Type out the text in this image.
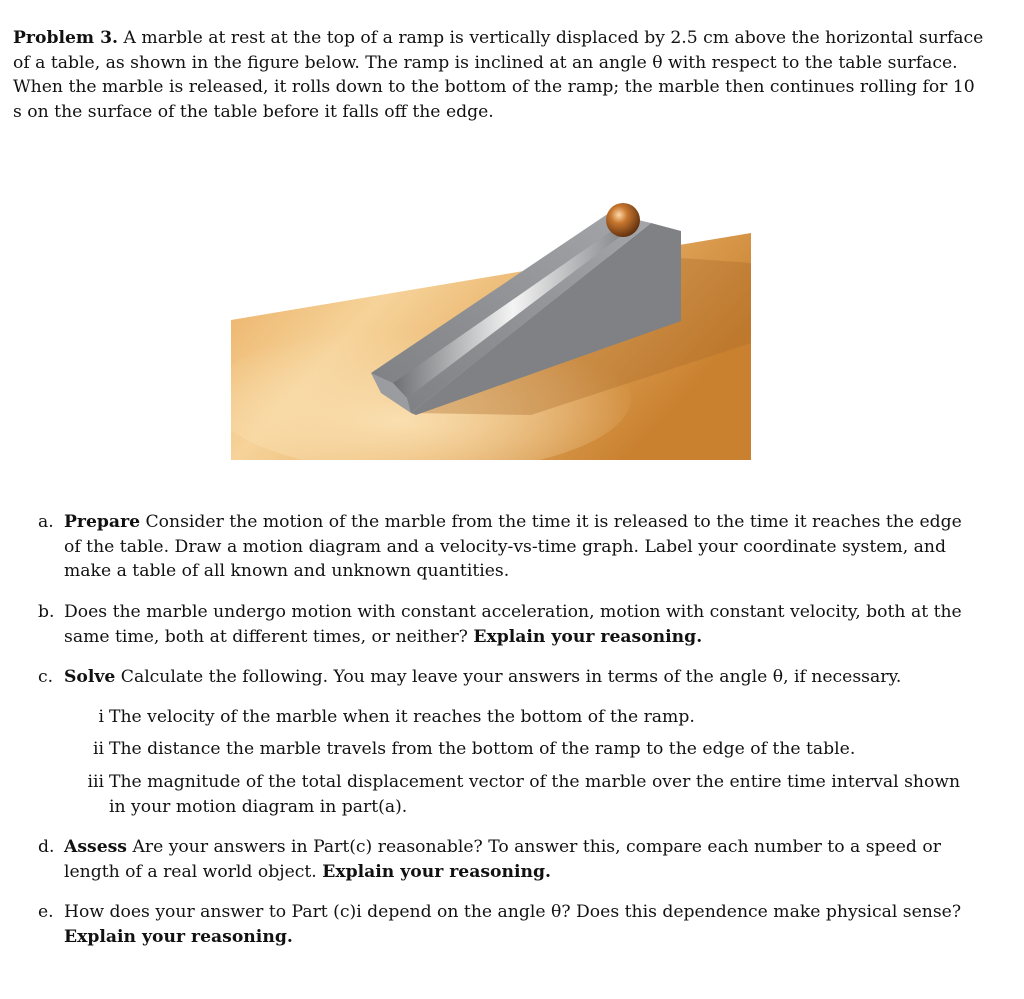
Problem 3. A marble at rest at the top of a ramp is vertically displaced by 2.5 cm above the horizontal surface of a table, as shown in the figure below. The ramp is inclined at an angle θ with respect to the table surface. When the marble is released, it rolls down to the bottom of the ramp; the marble then continues rolling for 10 s on the surface of the table before it falls off the edge.
a. Prepare Consider the motion of the marble from the time it is released to the time it reaches the edge of the table. Draw a motion diagram and a velocity-vs-time graph. Label your coordinate system, and make a table of all known and unknown quantities.
b. Does the marble undergo motion with constant acceleration, motion with constant velocity, both at the same time, both at different times, or neither? Explain your reasoning.
c. Solve Calculate the following. You may leave your answers in terms of the angle θ, if necessary.
d. Assess Are your answers in Part(c) reasonable? To answer this, compare each number to a speed or length of a real world object. Explain your reasoning.
e. How does your answer to Part (c)i depend on the angle θ? Does this dependence make physical sense? Explain your reasoning.
i The velocity of the marble when it reaches the bottom of the ramp.
ii The distance the marble travels from the bottom of the ramp to the edge of the table.
iii The magnitude of the total displacement vector of the marble over the entire time interval shown in your motion diagram in part(a).
